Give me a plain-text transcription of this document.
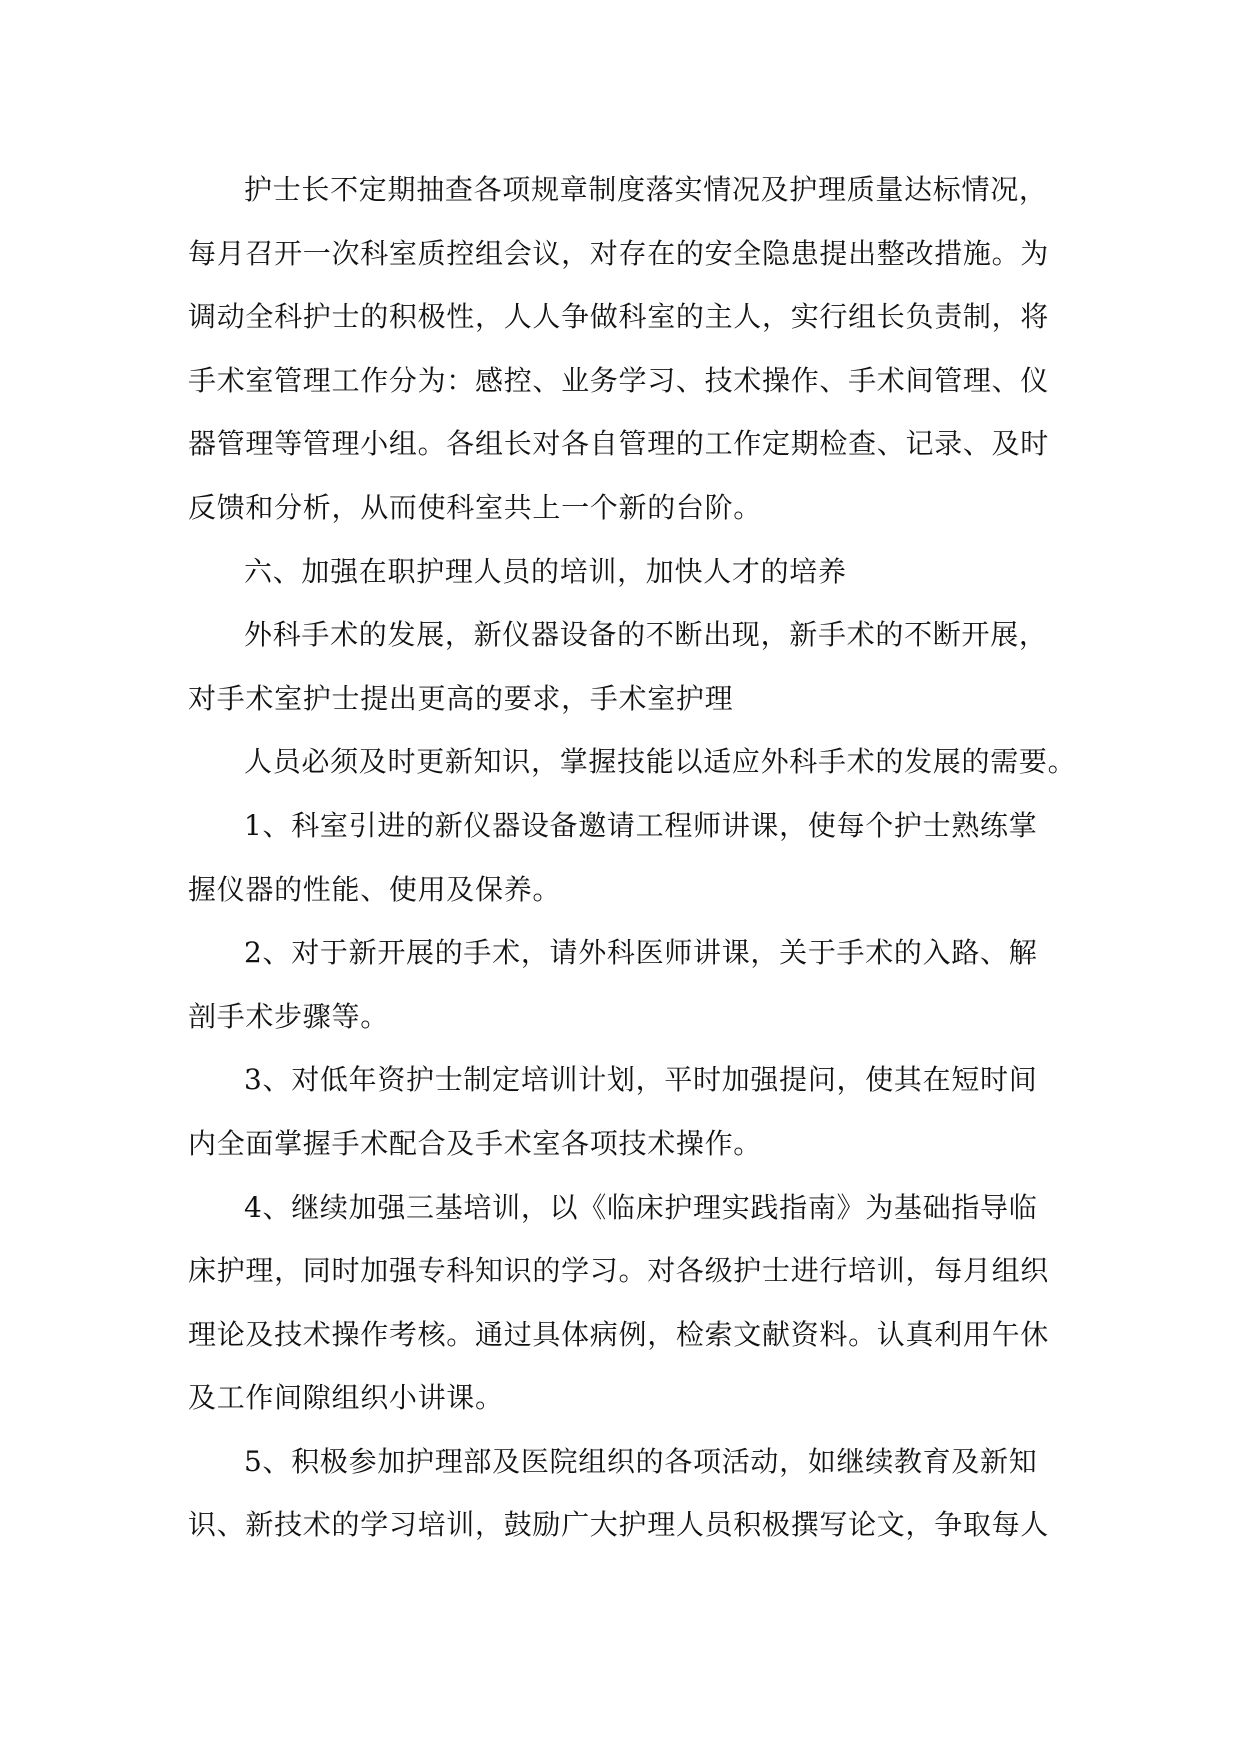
护士长不定期抽查各项规章制度落实情况及护理质量达标情况，
每月召开一次科室质控组会议，对存在的安全隐患提出整改措施。为
调动全科护士的积极性，人人争做科室的主人，实行组长负责制，将
手术室管理工作分为：感控、业务学习、技术操作、手术间管理、仪
器管理等管理小组。各组长对各自管理的工作定期检查、记录、及时
反馈和分析，从而使科室共上一个新的台阶。
六、加强在职护理人员的培训，加快人才的培养
外科手术的发展，新仪器设备的不断出现，新手术的不断开展，
对手术室护士提出更高的要求，手术室护理
人员必须及时更新知识，掌握技能以适应外科手术的发展的需要。
1、科室引进的新仪器设备邀请工程师讲课，使每个护士熟练掌
握仪器的性能、使用及保养。
2、对于新开展的手术，请外科医师讲课，关于手术的入路、解
剖手术步骤等。
3、对低年资护士制定培训计划，平时加强提问，使其在短时间
内全面掌握手术配合及手术室各项技术操作。
4、继续加强三基培训，以《临床护理实践指南》为基础指导临
床护理，同时加强专科知识的学习。对各级护士进行培训，每月组织
理论及技术操作考核。通过具体病例，检索文献资料。认真利用午休
及工作间隙组织小讲课。
5、积极参加护理部及医院组织的各项活动，如继续教育及新知
识、新技术的学习培训，鼓励广大护理人员积极撰写论文，争取每人
